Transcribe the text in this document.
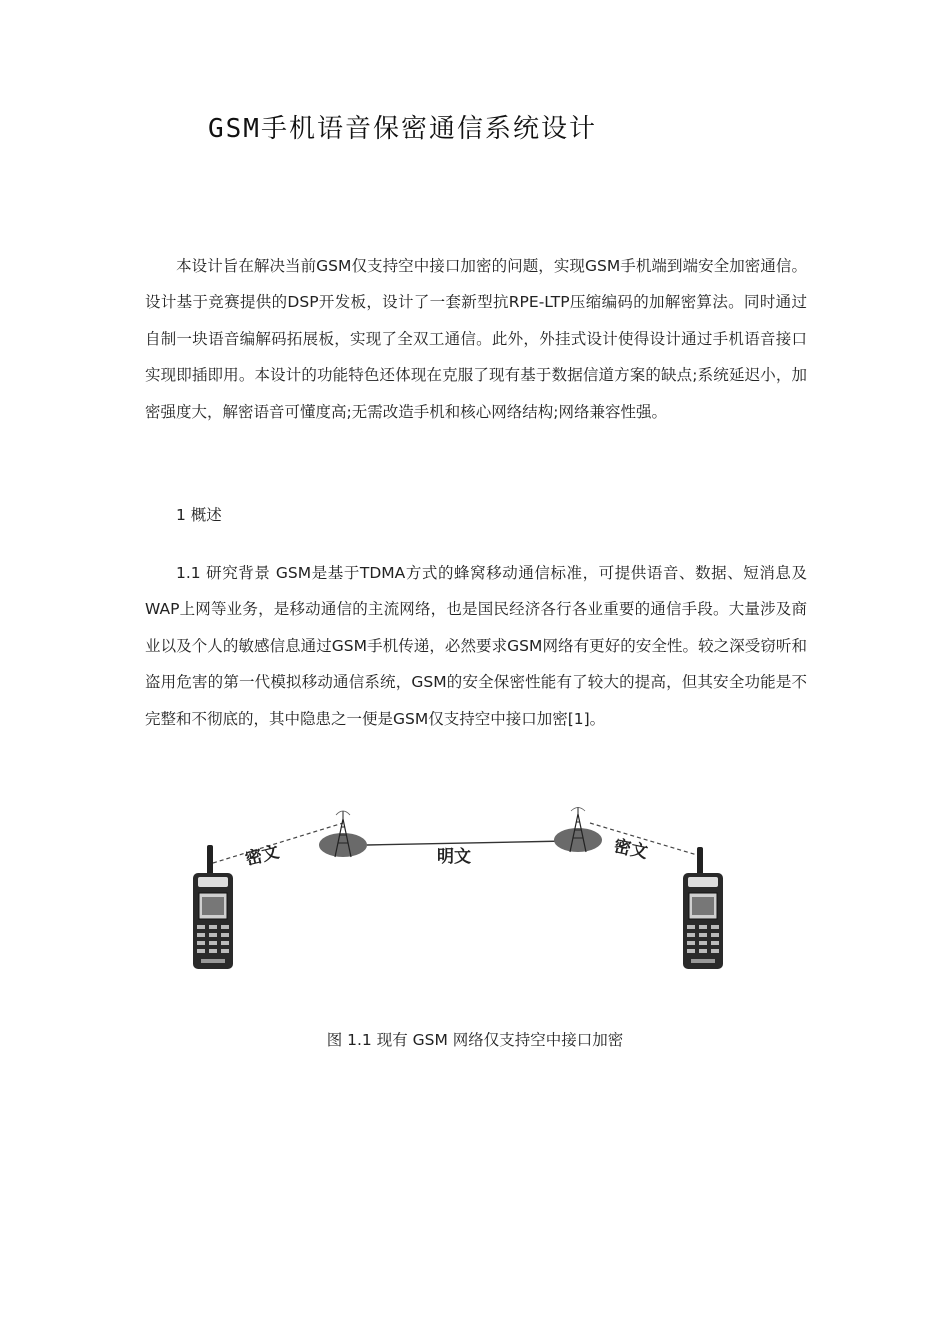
GSM手机语音保密通信系统设计
本设计旨在解决当前GSM仅支持空中接口加密的问题，实现GSM手机端到端安全加密通信。设计基于竞赛提供的DSP开发板，设计了一套新型抗RPE-LTP压缩编码的加解密算法。同时通过自制一块语音编解码拓展板，实现了全双工通信。此外，外挂式设计使得设计通过手机语音接口实现即插即用。本设计的功能特色还体现在克服了现有基于数据信道方案的缺点;系统延迟小，加密强度大，解密语音可懂度高;无需改造手机和核心网络结构;网络兼容性强。
1 概述
1.1 研究背景 GSM是基于TDMA方式的蜂窝移动通信标准，可提供语音、数据、短消息及WAP上网等业务，是移动通信的主流网络，也是国民经济各行各业重要的通信手段。大量涉及商业以及个人的敏感信息通过GSM手机传递，必然要求GSM网络有更好的安全性。较之深受窃听和盗用危害的第一代模拟移动通信系统，GSM的安全保密性能有了较大的提高，但其安全功能是不完整和不彻底的，其中隐患之一便是GSM仅支持空中接口加密[1]。
密文	明文	密文
图 1.1 现有 GSM 网络仅支持空中接口加密
